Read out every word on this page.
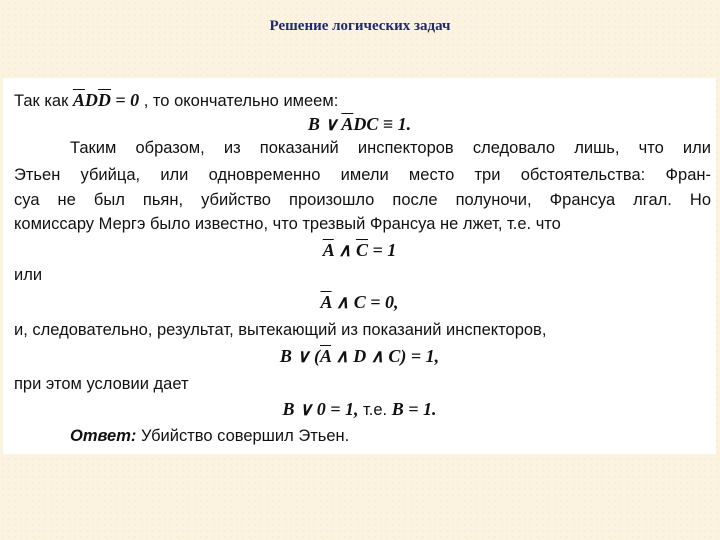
Решение логических задач
Так как $\overline{A}D\overline{D} = 0$ , то окончательно имеем:
B ∨ $\overline{A}DC \equiv 1$.
Таким образом, из показаний инспекторов следовало лишь, что или
Этьен убийца, или одновременно имели место три обстоятельства: Фран-
суа не был пьян, убийство произошло после полуночи, Франсуа лгал. Но
комиссару Мергэ было известно, что трезвый Франсуа не лжет, т.е. что
$\overline{A}$ ∧ $\overline{C} = 1$
или
$\overline{A}$ ∧ C = 0,
и, следовательно, результат, вытекающий из показаний инспекторов,
B ∨ ($\overline{A}$ ∧ D ∧ C) = 1,
при этом условии дает
B ∨ 0 = 1, т.е. B = 1.
Ответ: Убийство совершил Этьен.
